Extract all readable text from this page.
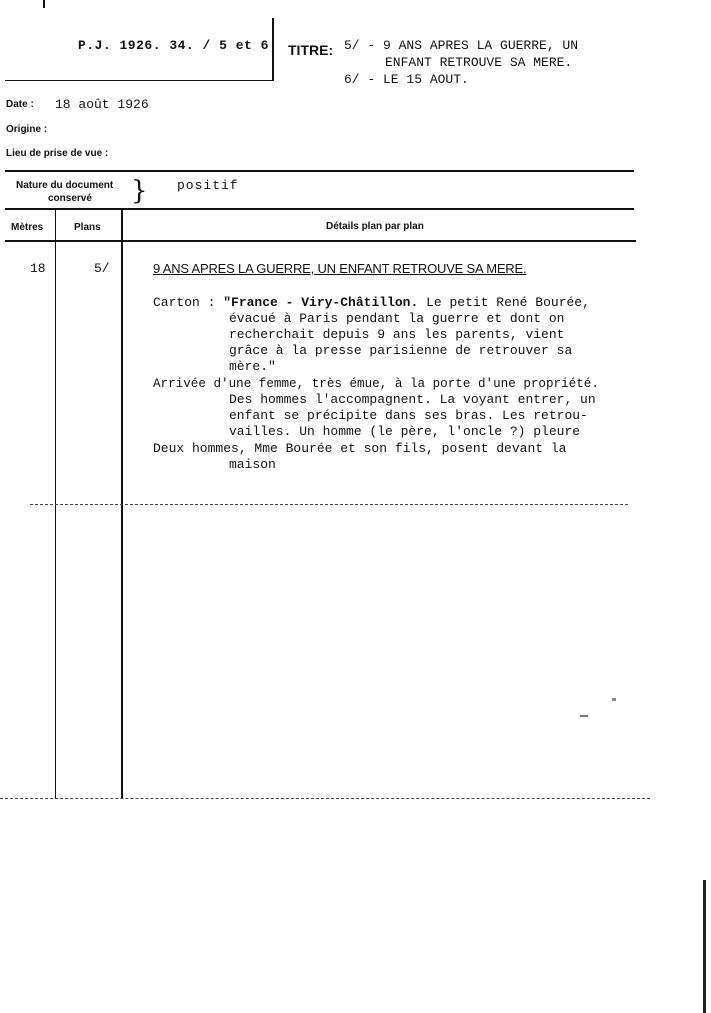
P.J. 1926. 34. / 5 et 6 TITRE: 5/ - 9 ANS APRES LA GUERRE, UN
ENFANT RETROUVE SA MERE.
6/ - LE 15 AOUT.
Date : 18 août 1926
Origine :
Lieu de prise de vue :
Nature du document
conservé } positif
Mètres	Plans	Détails plan par plan
18	5/	9 ANS APRES LA GUERRE, UN ENFANT RETROUVE SA MERE.
Carton : "France - Viry-Châtillon. Le petit René Bourée,
évacué à Paris pendant la guerre et dont on
recherchait depuis 9 ans les parents, vient
grâce à la presse parisienne de retrouver sa
mère."
Arrivée d'une femme, très émue, à la porte d'une propriété.
Des hommes l'accompagnent. La voyant entrer, un
enfant se précipite dans ses bras. Les retrou-
vailles. Un homme (le père, l'oncle ?) pleure
Deux hommes, Mme Bourée et son fils, posent devant la
maison
